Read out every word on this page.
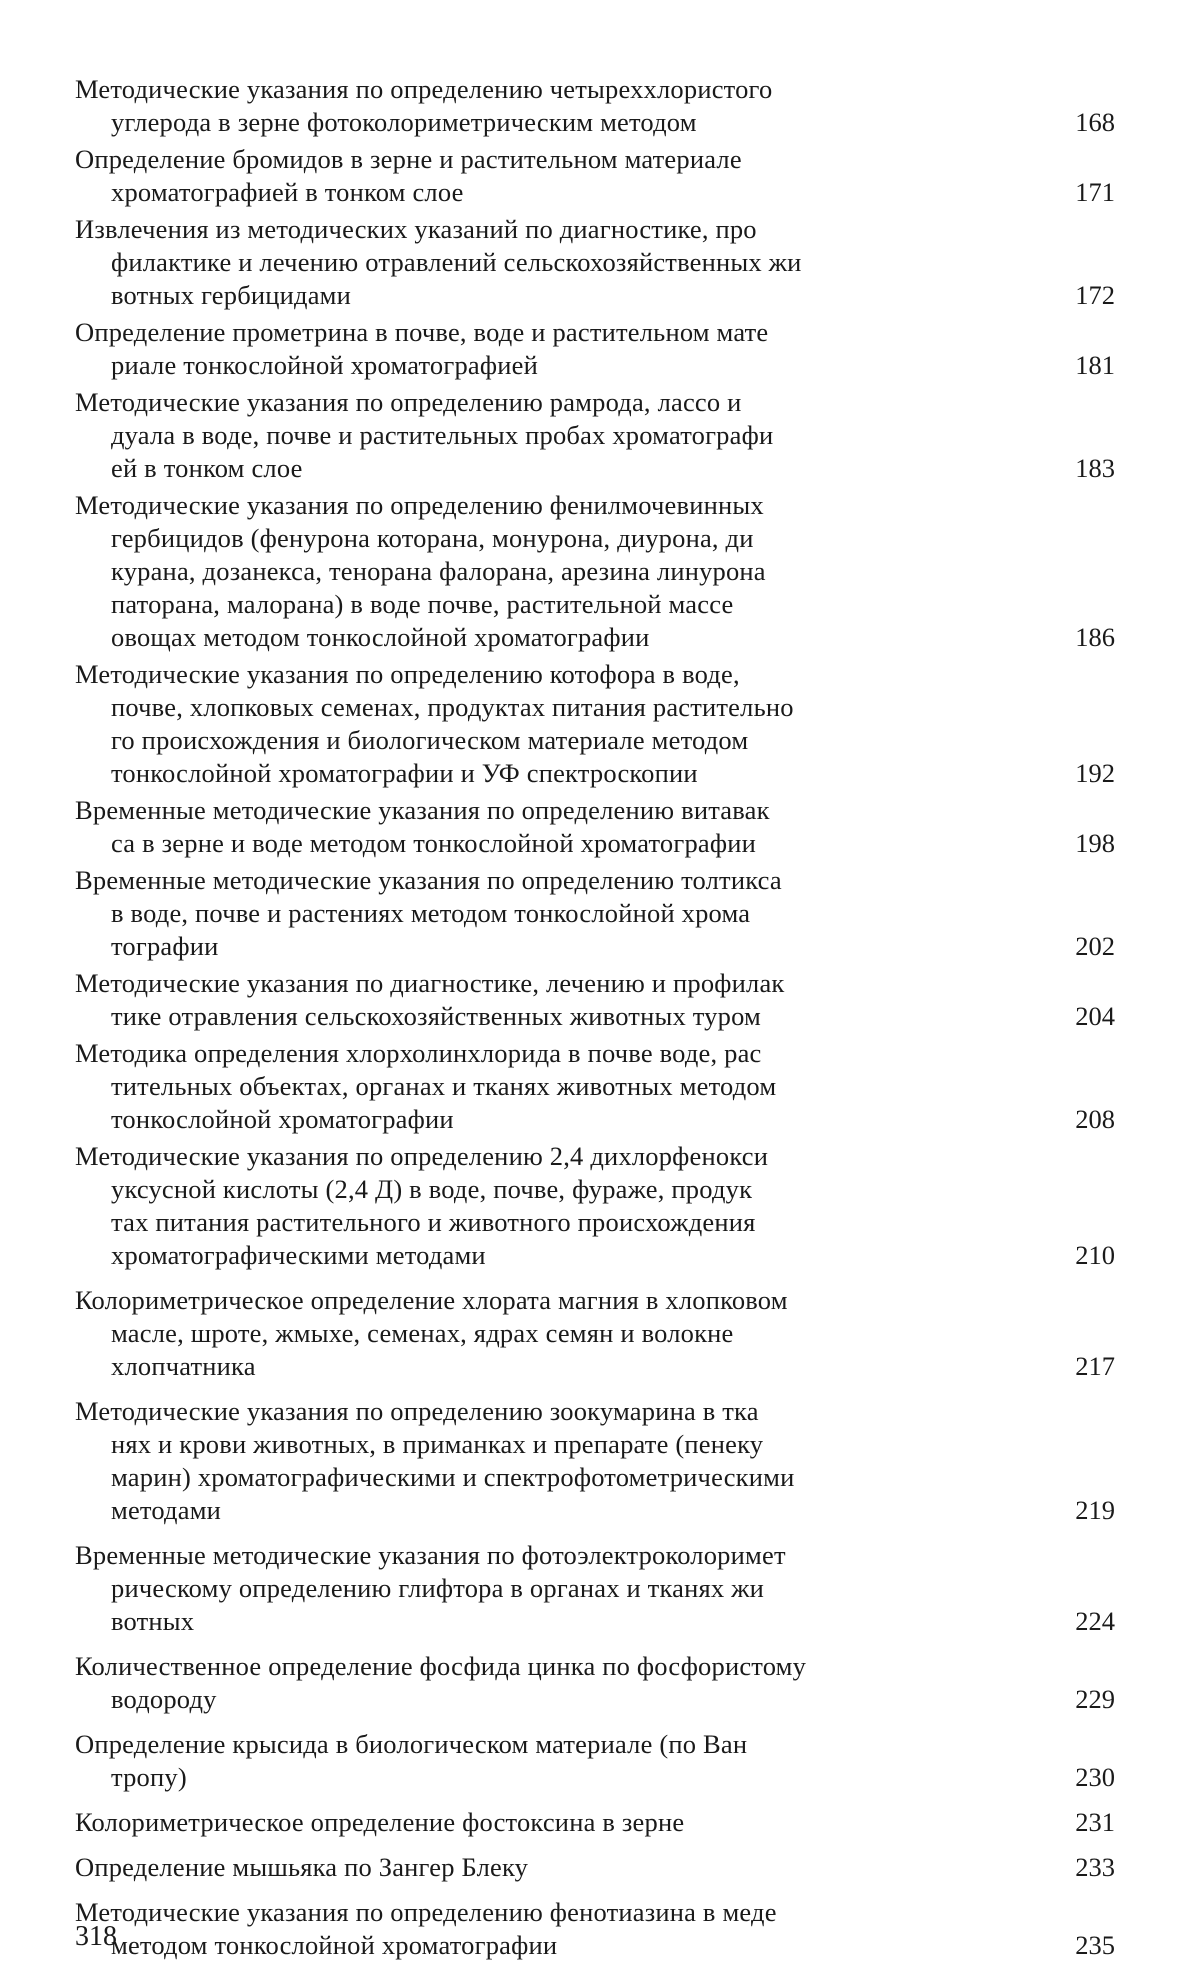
Методические указания по определению четыреххлористого
углерода в зерне фотоколориметрическим методом	168
Определение бромидов в зерне и растительном материале
хроматографией в тонком слое	171
Извлечения из методических указаний по диагностике, про
филактике и лечению отравлений сельскохозяйственных жи
вотных гербицидами	172
Определение прометрина в почве, воде и растительном мате
риале тонкослойной хроматографией	181
Методические указания по определению рамрода, лассо и
дуала в воде, почве и растительных пробах хроматографи
ей в тонком слое	183
Методические указания по определению фенилмочевинных
гербицидов (фенурона которана, монурона, диурона, ди
курана, дозанекса, тенорана фалорана, арезина линурона
паторана, малорана) в воде почве, растительной массе
овощах методом тонкослойной хроматографии	186
Методические указания по определению котофора в воде,
почве, хлопковых семенах, продуктах питания растительно
го происхождения и биологическом материале методом
тонкослойной хроматографии и УФ спектроскопии	192
Временные методические указания по определению витавак
са в зерне и воде методом тонкослойной хроматографии	198
Временные методические указания по определению толтикса
в воде, почве и растениях методом тонкослойной хрома
тографии	202
Методические указания по диагностике, лечению и профилак
тике отравления сельскохозяйственных животных туром	204
Методика определения хлорхолинхлорида в почве воде, рас
тительных объектах, органах и тканях животных методом
тонкослойной хроматографии	208
Методические указания по определению 2,4 дихлорфенокси
уксусной кислоты (2,4 Д) в воде, почве, фураже, продук
тах питания растительного и животного происхождения
хроматографическими методами	210
Колориметрическое определение хлората магния в хлопковом
масле, шроте, жмыхе, семенах, ядрах семян и волокне
хлопчатника	217
Методические указания по определению зоокумарина в тка
нях и крови животных, в приманках и препарате (пенеку
марин) хроматографическими и спектрофотометрическими
методами	219
Временные методические указания по фотоэлектроколоримет
рическому определению глифтора в органах и тканях жи
вотных	224
Количественное определение фосфида цинка по фосфористому
водороду	229
Определение крысида в биологическом материале (по Ван
тропу)	230
Колориметрическое определение фостоксина в зерне	231
Определение мышьяка по Зангер Блеку	233
Методические указания по определению фенотиазина в меде
методом тонкослойной хроматографии	235
318
